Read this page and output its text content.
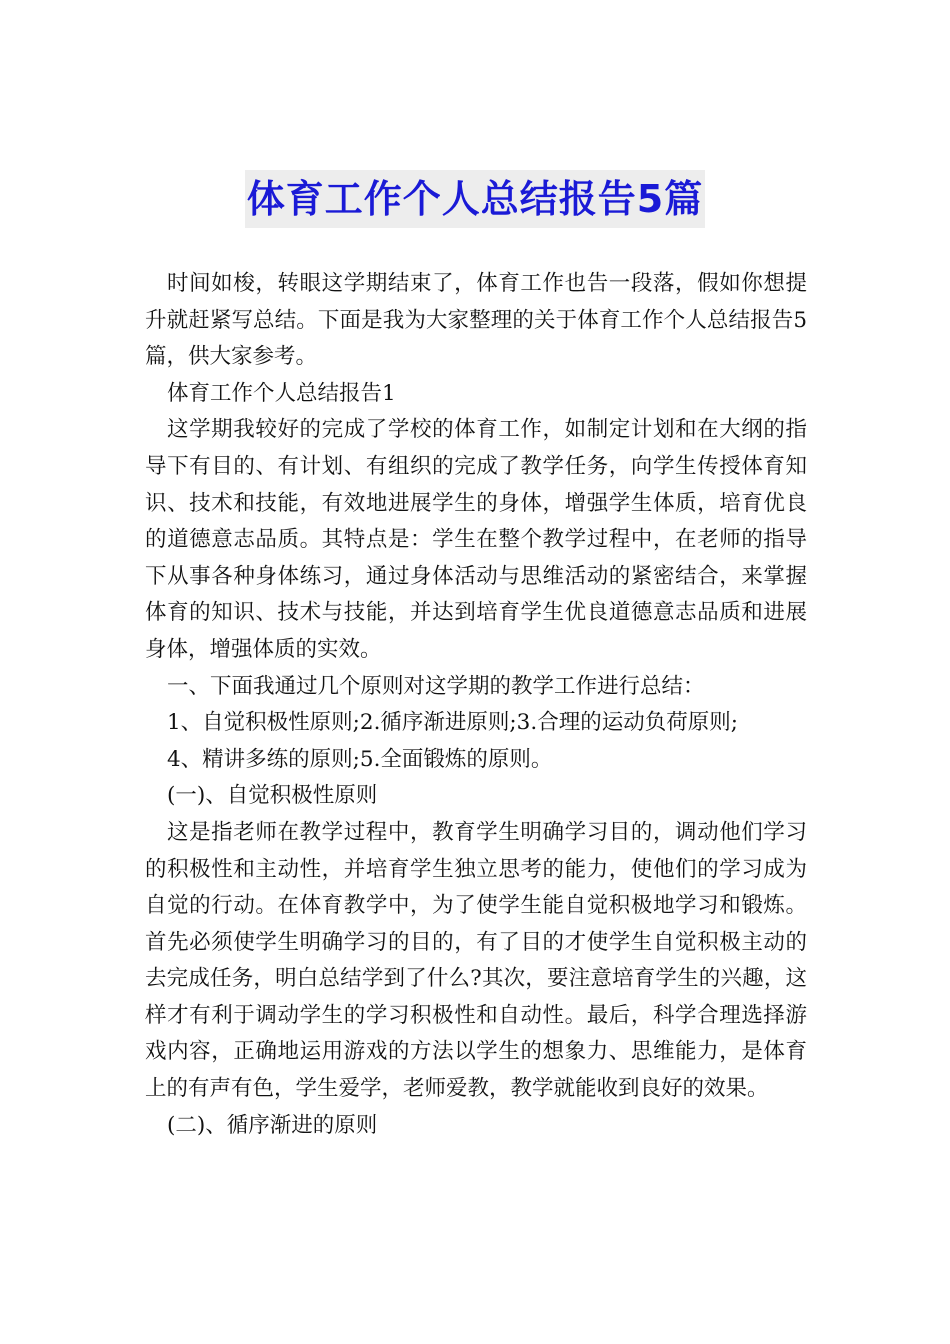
体育工作个人总结报告5篇

时间如梭，转眼这学期结束了，体育工作也告一段落，假如你想提升就赶紧写总结。下面是我为大家整理的关于体育工作个人总结报告5篇，供大家参考。

体育工作个人总结报告1

这学期我较好的完成了学校的体育工作，如制定计划和在大纲的指导下有目的、有计划、有组织的完成了教学任务，向学生传授体育知识、技术和技能，有效地进展学生的身体，增强学生体质，培育优良的道德意志品质。其特点是：学生在整个教学过程中，在老师的指导下从事各种身体练习，通过身体活动与思维活动的紧密结合，来掌握体育的知识、技术与技能，并达到培育学生优良道德意志品质和进展身体，增强体质的实效。

一、下面我通过几个原则对这学期的教学工作进行总结：

1、自觉积极性原则;2.循序渐进原则;3.合理的运动负荷原则;

4、精讲多练的原则;5.全面锻炼的原则。

(一)、自觉积极性原则

这是指老师在教学过程中，教育学生明确学习目的，调动他们学习的积极性和主动性，并培育学生独立思考的能力，使他们的学习成为自觉的行动。在体育教学中，为了使学生能自觉积极地学习和锻炼。首先必须使学生明确学习的目的，有了目的才使学生自觉积极主动的去完成任务，明白总结学到了什么?其次，要注意培育学生的兴趣，这样才有利于调动学生的学习积极性和自动性。最后，科学合理选择游戏内容，正确地运用游戏的方法以学生的想象力、思维能力，是体育上的有声有色，学生爱学，老师爱教，教学就能收到良好的效果。

(二)、循序渐进的原则
